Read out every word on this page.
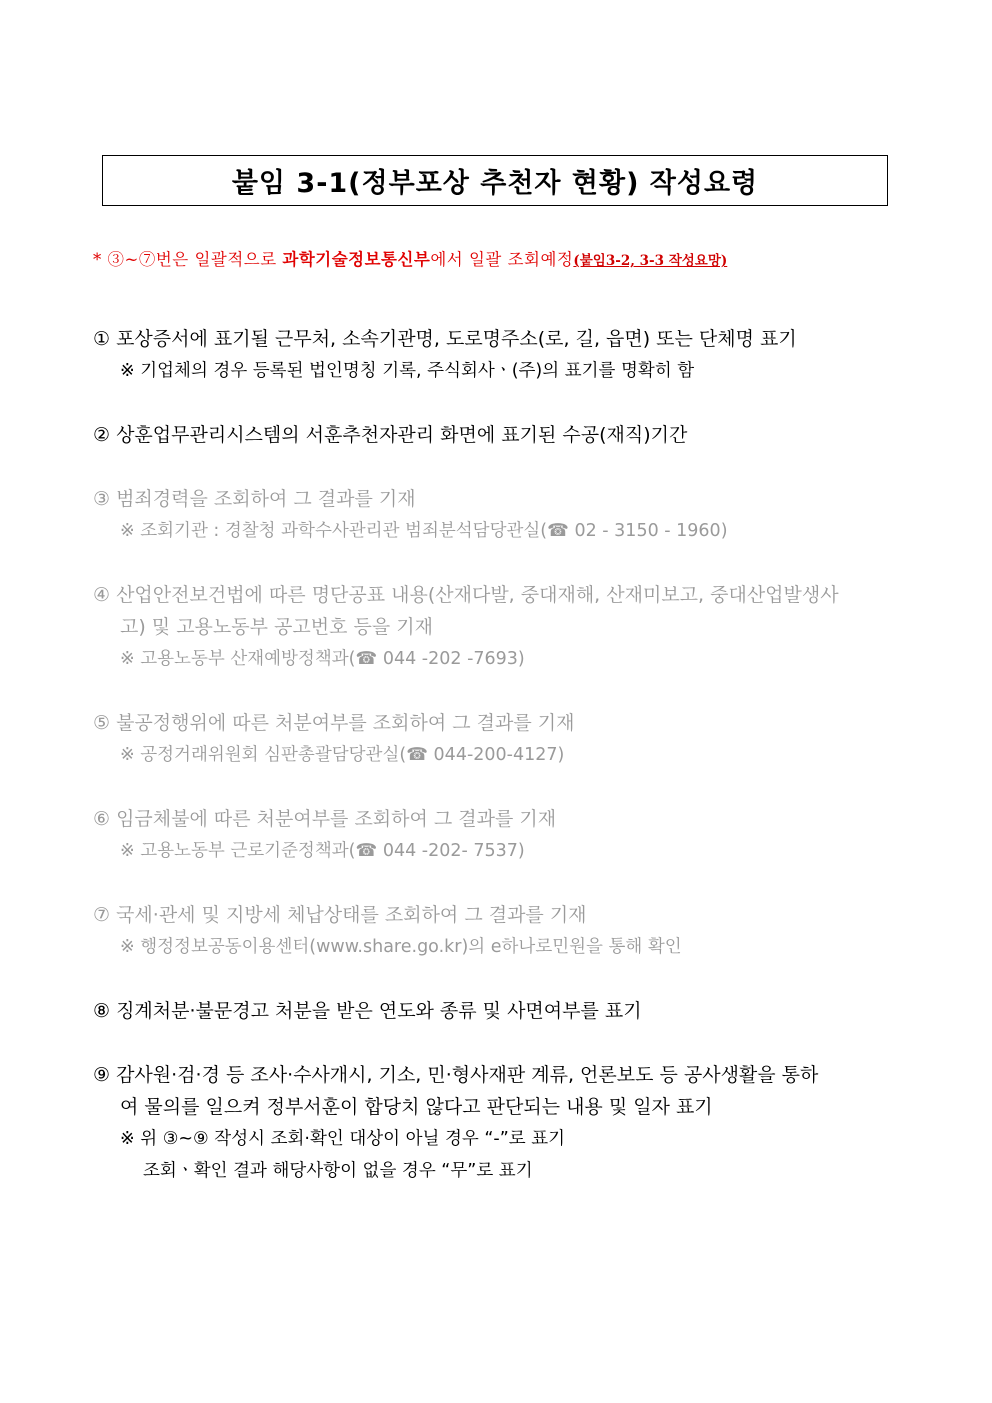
붙임 3-1(정부포상 추천자 현황) 작성요령
* ③~⑦번은 일괄적으로 과학기술정보통신부에서 일괄 조회예정(붙임3-2, 3-3 작성요망)
① 포상증서에 표기될 근무처, 소속기관명, 도로명주소(로, 길, 읍면) 또는 단체명 표기
※ 기업체의 경우 등록된 법인명칭 기록, 주식회사ㆍ(주)의 표기를 명확히 함
② 상훈업무관리시스템의 서훈추천자관리 화면에 표기된 수공(재직)기간
③ 범죄경력을 조회하여 그 결과를 기재
※ 조회기관 : 경찰청 과학수사관리관 범죄분석담당관실(☎ 02 - 3150 - 1960)
④ 산업안전보건법에 따른 명단공표 내용(산재다발, 중대재해, 산재미보고, 중대산업발생사
고) 및 고용노동부 공고번호 등을 기재
※ 고용노동부 산재예방정책과(☎ 044 -202 -7693)
⑤ 불공정행위에 따른 처분여부를 조회하여 그 결과를 기재
※ 공정거래위원회 심판총괄담당관실(☎ 044-200-4127)
⑥ 임금체불에 따른 처분여부를 조회하여 그 결과를 기재
※ 고용노동부 근로기준정책과(☎ 044 -202- 7537)
⑦ 국세·관세 및 지방세 체납상태를 조회하여 그 결과를 기재
※ 행정정보공동이용센터(www.share.go.kr)의 e하나로민원을 통해 확인
⑧ 징계처분·불문경고 처분을 받은 연도와 종류 및 사면여부를 표기
⑨ 감사원·검·경 등 조사·수사개시, 기소, 민·형사재판 계류, 언론보도 등 공사생활을 통하
여 물의를 일으켜 정부서훈이 합당치 않다고 판단되는 내용 및 일자 표기
※ 위 ③~⑨ 작성시 조회·확인 대상이 아닐 경우 “-”로 표기
조회ㆍ확인 결과 해당사항이 없을 경우 “무”로 표기
